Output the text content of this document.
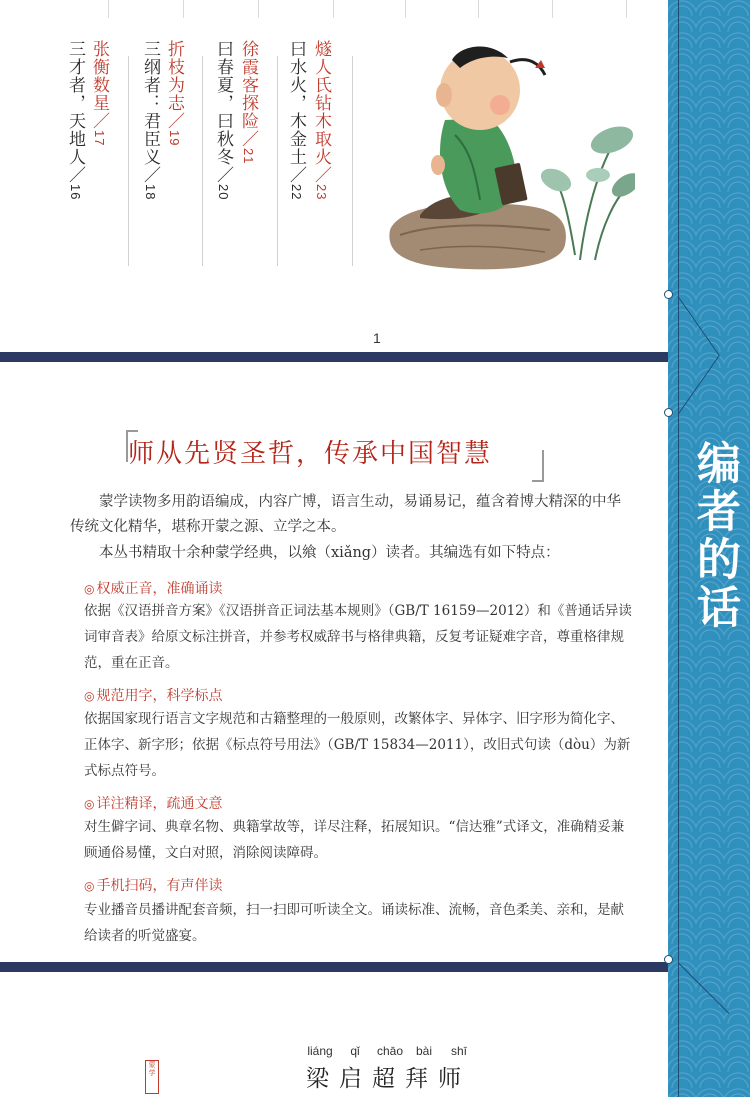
燧人氏钻木取火／23
曰水火，木金土／22
徐霞客探险／21
曰春夏，曰秋冬／20
折枝为志／19
三纲者：君臣义／18
张衡数星／17
三才者，天地人／16
1
师从先贤圣哲，传承中国智慧
蒙学读物多用韵语编成，内容广博，语言生动，易诵易记，蕴含着博大精深的中华传统文化精华，堪称开蒙之源、立学之本。
本丛书精取十余种蒙学经典，以飨（xiǎng）读者。其编选有如下特点：
◎ 权威正音，准确诵读
依据《汉语拼音方案》《汉语拼音正词法基本规则》（GB/T 16159—2012）和《普通话异读词审音表》给原文标注拼音，并参考权威辞书与格律典籍，反复考证疑难字音，尊重格律规范，重在正音。
◎ 规范用字，科学标点
依据国家现行语言文字规范和古籍整理的一般原则，改繁体字、异体字、旧字形为简化字、正体字、新字形；依据《标点符号用法》（GB/T 15834—2011），改旧式句读（dòu）为新式标点符号。
◎ 详注精译，疏通文意
对生僻字词、典章名物、典籍掌故等，详尽注释，拓展知识。“信达雅”式译文，准确精妥兼顾通俗易懂，文白对照，消除阅读障碍。
◎ 手机扫码，有声伴读
专业播音员播讲配套音频，扫一扫即可听读全文。诵读标准、流畅，音色柔美、亲和，是献给读者的听觉盛宴。
蒙学
liáng	qǐ	chāo	bài	shī
梁启超拜师
编者的话
